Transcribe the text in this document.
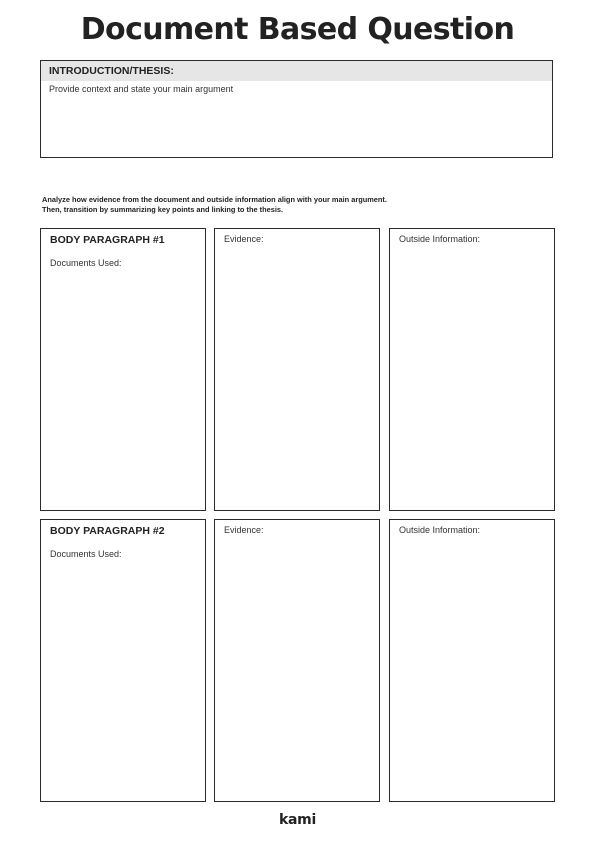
Document Based Question
INTRODUCTION/THESIS:
Provide context and state your main argument
Analyze how evidence from the document and outside information align with your main argument.
Then, transition by summarizing key points and linking to the thesis.
BODY PARAGRAPH #1
Documents Used:
Evidence:	Outside Information:
BODY PARAGRAPH #2
Documents Used:
Evidence:	Outside Information:
kami
